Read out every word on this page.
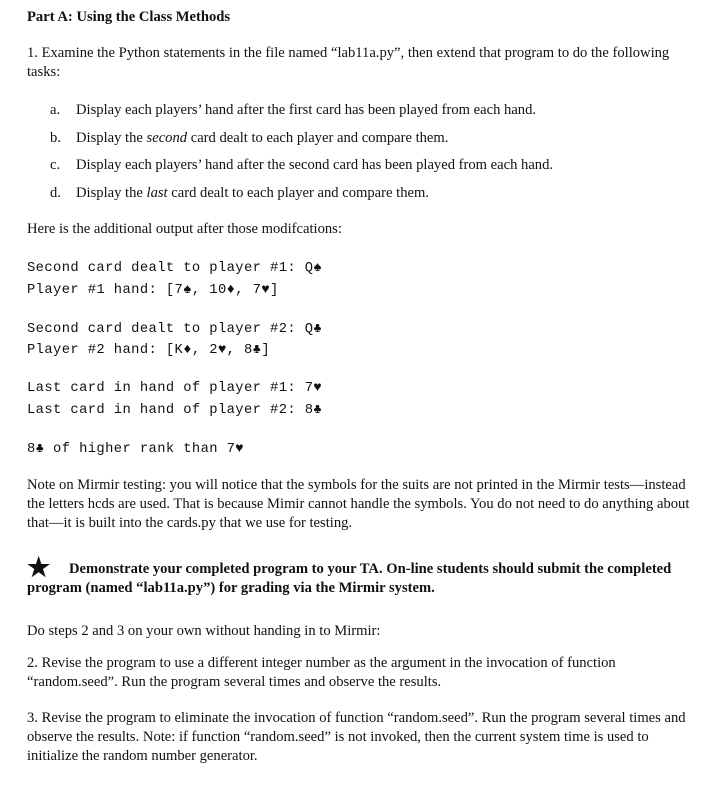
Part A: Using the Class Methods
1. Examine the Python statements in the file named “lab11a.py”, then extend that program to do the following tasks:
a. Display each players’ hand after the first card has been played from each hand.
b. Display the second card dealt to each player and compare them.
c. Display each players’ hand after the second card has been played from each hand.
d. Display the last card dealt to each player and compare them.
Here is the additional output after those modifcations:
Second card dealt to player #1: Q♠
Player #1 hand: [7♠, 10♦, 7♥]
Second card dealt to player #2: Q♣
Player #2 hand: [K♦, 2♥, 8♣]
Last card in hand of player #1: 7♥
Last card in hand of player #2: 8♣
8♣ of higher rank than 7♥
Note on Mirmir testing: you will notice that the symbols for the suits are not printed in the Mirmir tests—instead the letters hcds are used. That is because Mimir cannot handle the symbols. You do not need to do anything about that—it is built into the cards.py that we use for testing.
★ Demonstrate your completed program to your TA. On-line students should submit the completed program (named “lab11a.py”) for grading via the Mirmir system.
Do steps 2 and 3 on your own without handing in to Mirmir:
2. Revise the program to use a different integer number as the argument in the invocation of function “random.seed”. Run the program several times and observe the results.
3. Revise the program to eliminate the invocation of function “random.seed”. Run the program several times and observe the results. Note: if function “random.seed” is not invoked, then the current system time is used to initialize the random number generator.
